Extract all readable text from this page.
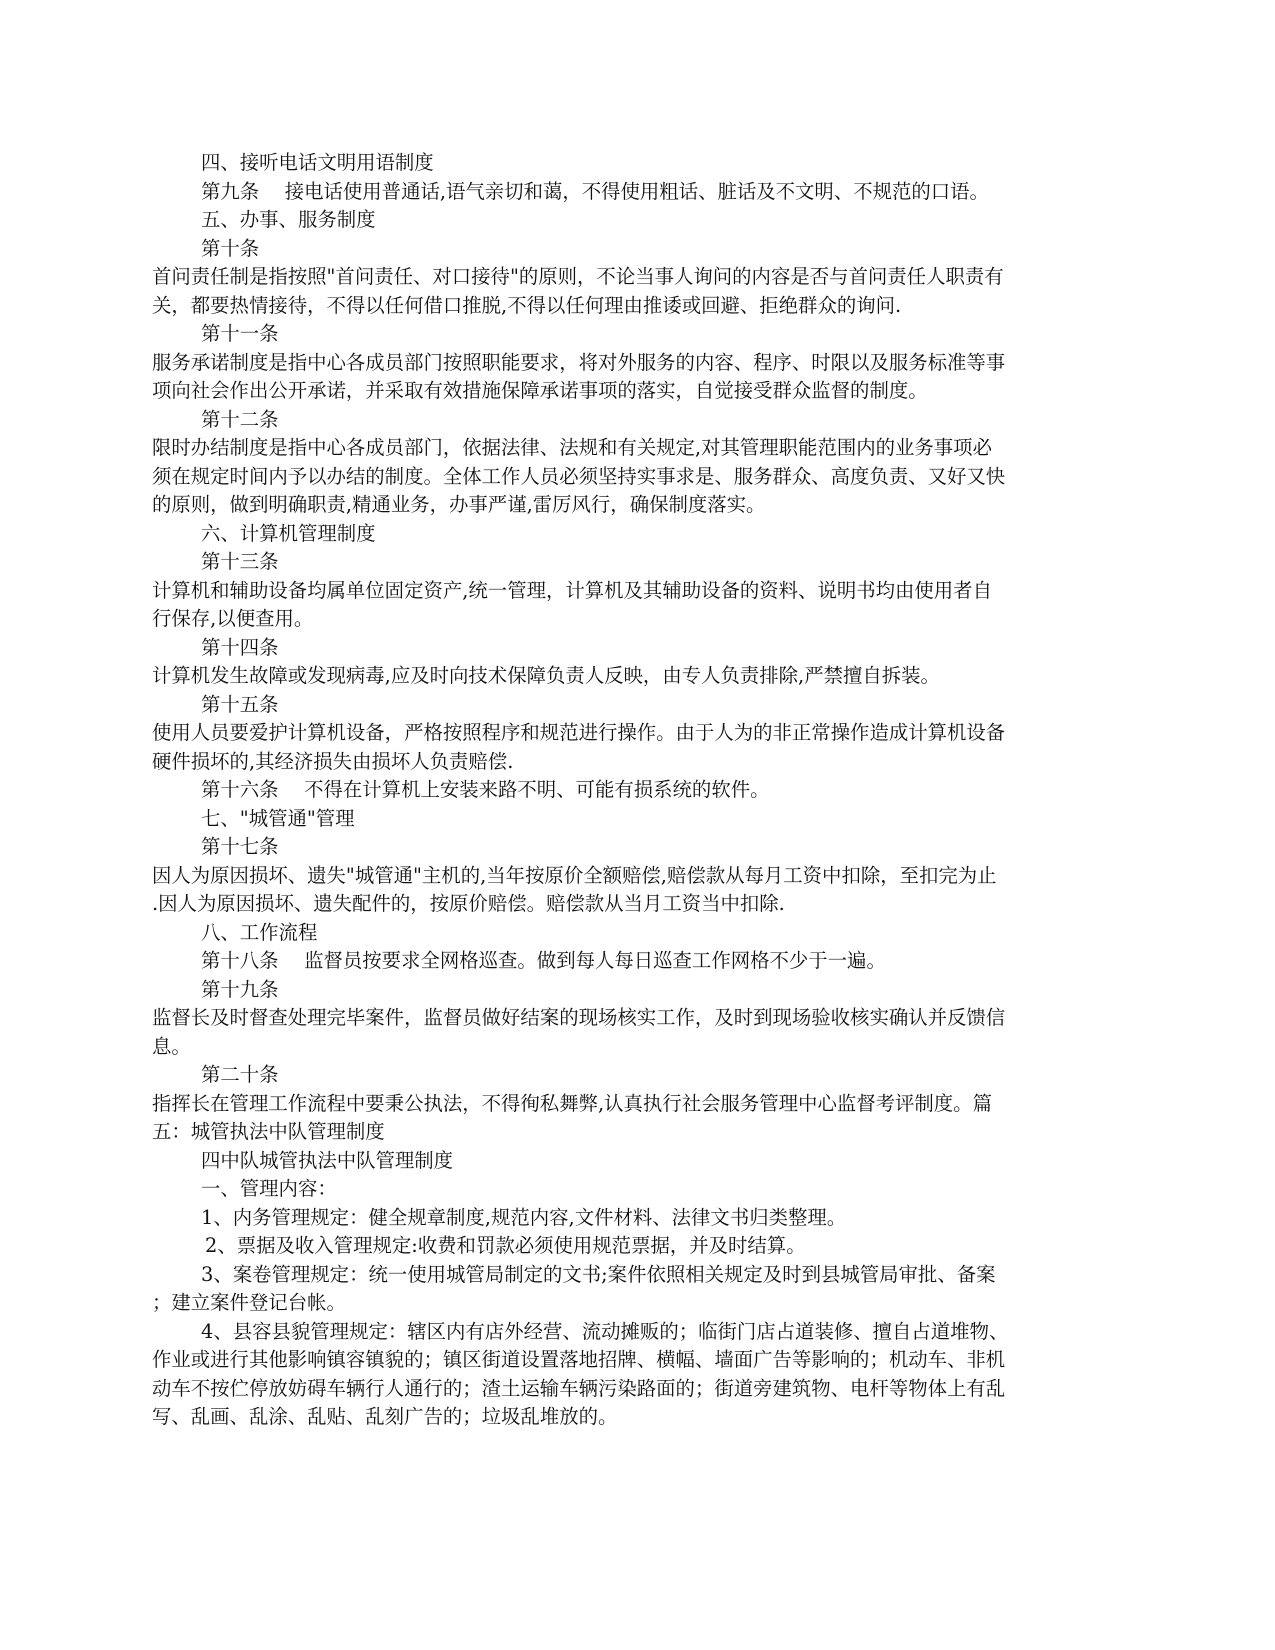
四、接听电话文明用语制度

第九条　 接电话使用普通话,语气亲切和蔼，不得使用粗话、脏话及不文明、不规范的口语。

五、办事、服务制度

第十条

首问责任制是指按照"首问责任、对口接待"的原则，不论当事人询问的内容是否与首问责任人职责有

关，都要热情接待，不得以任何借口推脱,不得以任何理由推诿或回避、拒绝群众的询问.

第十一条

服务承诺制度是指中心各成员部门按照职能要求，将对外服务的内容、程序、时限以及服务标准等事

项向社会作出公开承诺，并采取有效措施保障承诺事项的落实，自觉接受群众监督的制度。

第十二条

限时办结制度是指中心各成员部门，依据法律、法规和有关规定,对其管理职能范围内的业务事项必

须在规定时间内予以办结的制度。全体工作人员必须坚持实事求是、服务群众、高度负责、又好又快

的原则，做到明确职责,精通业务，办事严谨,雷厉风行，确保制度落实。

六、计算机管理制度

第十三条

计算机和辅助设备均属单位固定资产,统一管理，计算机及其辅助设备的资料、说明书均由使用者自

行保存,以便查用。

第十四条

计算机发生故障或发现病毒,应及时向技术保障负责人反映，由专人负责排除,严禁擅自拆装。

第十五条

使用人员要爱护计算机设备，严格按照程序和规范进行操作。由于人为的非正常操作造成计算机设备

硬件损坏的,其经济损失由损坏人负责赔偿.

第十六条　 不得在计算机上安装来路不明、可能有损系统的软件。

七、"城管通"管理

第十七条

因人为原因损坏、遗失"城管通"主机的,当年按原价全额赔偿,赔偿款从每月工资中扣除，至扣完为止

.因人为原因损坏、遗失配件的，按原价赔偿。赔偿款从当月工资当中扣除.

八、工作流程

第十八条　 监督员按要求全网格巡查。做到每人每日巡查工作网格不少于一遍。

第十九条

监督长及时督查处理完毕案件，监督员做好结案的现场核实工作，及时到现场验收核实确认并反馈信

息。

第二十条

指挥长在管理工作流程中要秉公执法，不得徇私舞弊,认真执行社会服务管理中心监督考评制度。篇

五：城管执法中队管理制度

四中队城管执法中队管理制度

一、管理内容：

1、内务管理规定：健全规章制度,规范内容,文件材料、法律文书归类整理。

2、票据及收入管理规定:收费和罚款必须使用规范票据，并及时结算。

3、案卷管理规定：统一使用城管局制定的文书;案件依照相关规定及时到县城管局审批、备案

；建立案件登记台帐。

4、县容县貌管理规定：辖区内有店外经营、流动摊贩的；临街门店占道装修、擅自占道堆物、

作业或进行其他影响镇容镇貌的；镇区街道设置落地招牌、横幅、墙面广告等影响的；机动车、非机

动车不按伫停放妨碍车辆行人通行的；渣土运输车辆污染路面的；街道旁建筑物、电杆等物体上有乱

写、乱画、乱涂、乱贴、乱刻广告的；垃圾乱堆放的。
